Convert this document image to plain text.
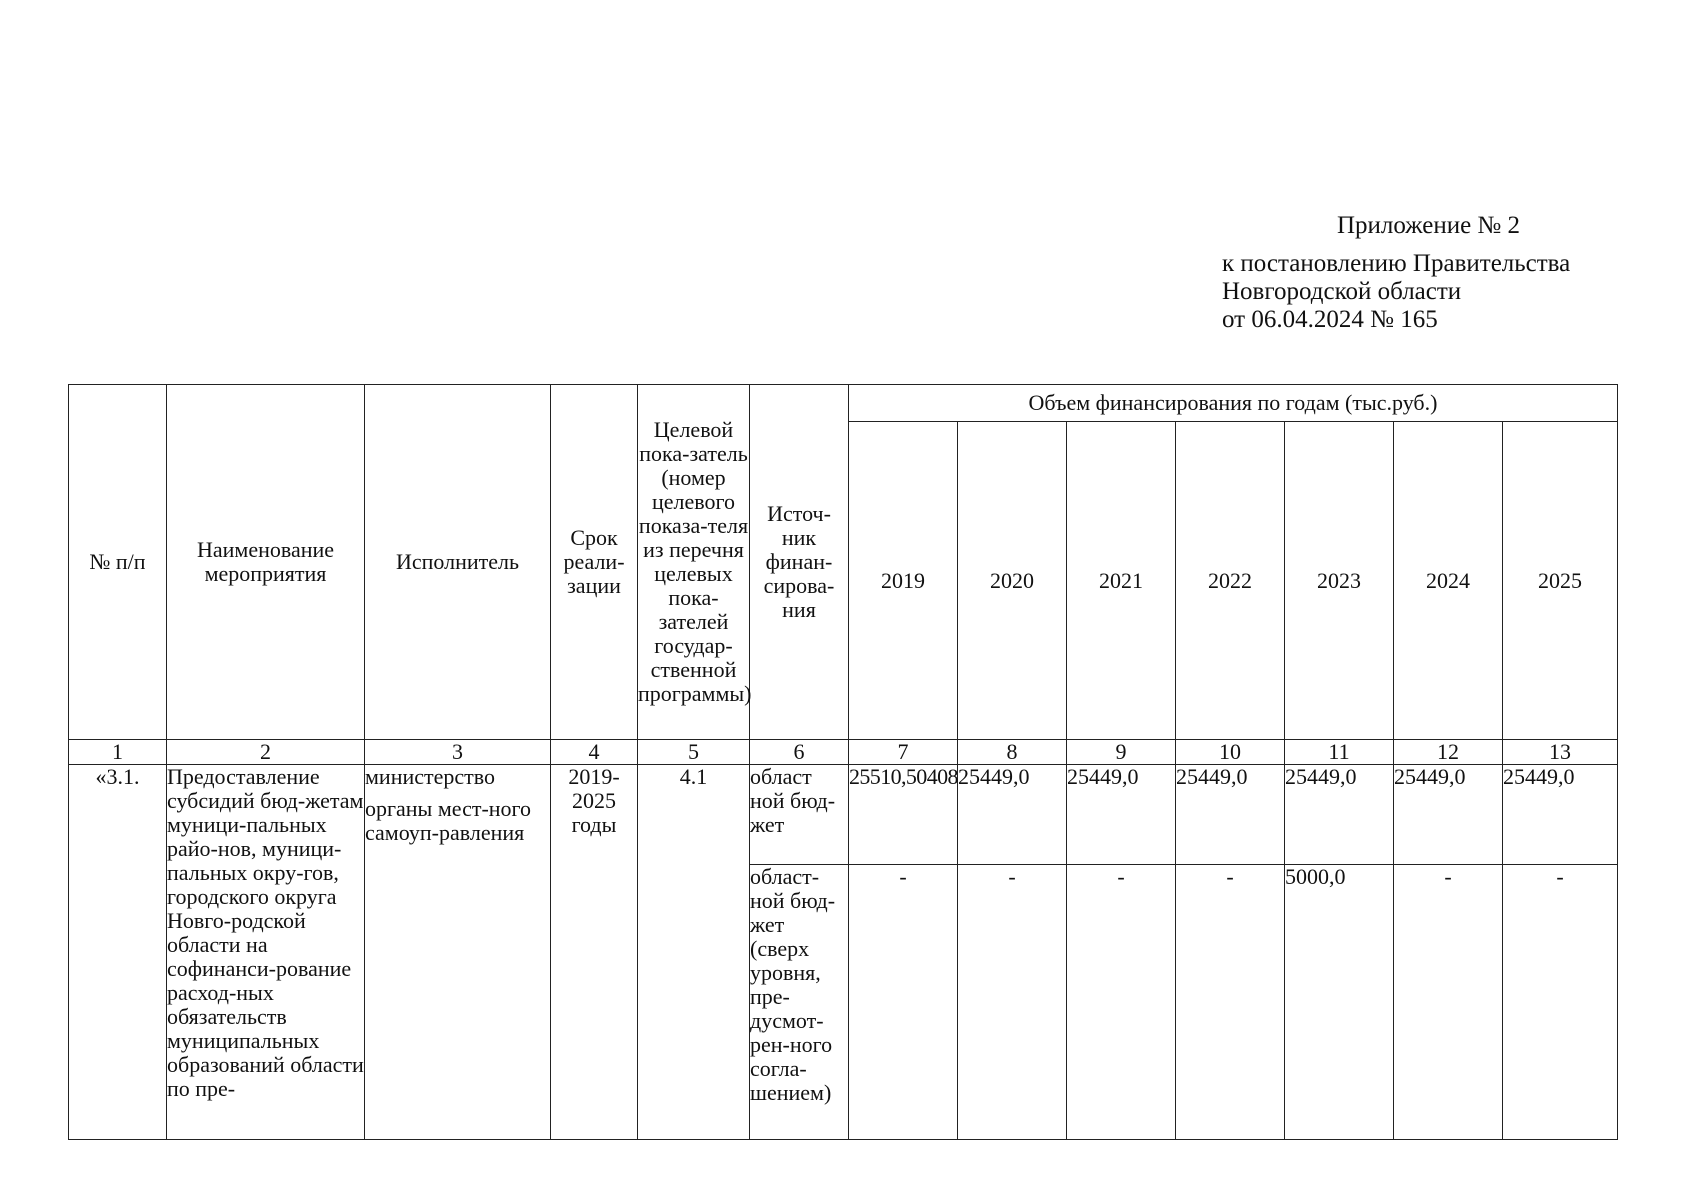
Приложение № 2
к постановлению Правительства
Новгородской области
от 06.04.2024 № 165
№ п/п	Наименование мероприятия	Исполнитель	Срок реали-зации	Целевой пока-затель (номер целевого показа-теля из перечня целевых пока-зателей государ-ственной программы)	Источ-ник финан-сирова-ния	Объем финансирования по годам (тыс.руб.)						
						2019	2020	2021	2022	2023	2024	2025
1	2	3	4	5	6	7	8	9	10	11	12	13
«3.1.	Предоставление субсидий бюд-жетам муници-пальных райо-нов, муници-пальных окру-гов, городского округа Новго-родской области на софинанси-рование расход-ных обязательств муниципальных образований области по пре-	министерство
органы мест-ного самоуп-равления	2019-2025 годы	4.1	област ной бюд-жет	25510,50408	25449,0	25449,0	25449,0	25449,0	25449,0	25449,0
					област-ной бюд-жет (сверх уровня, пре-дусмот-рен-ного согла-шением)	-	-	-	-	5000,0	-	-
